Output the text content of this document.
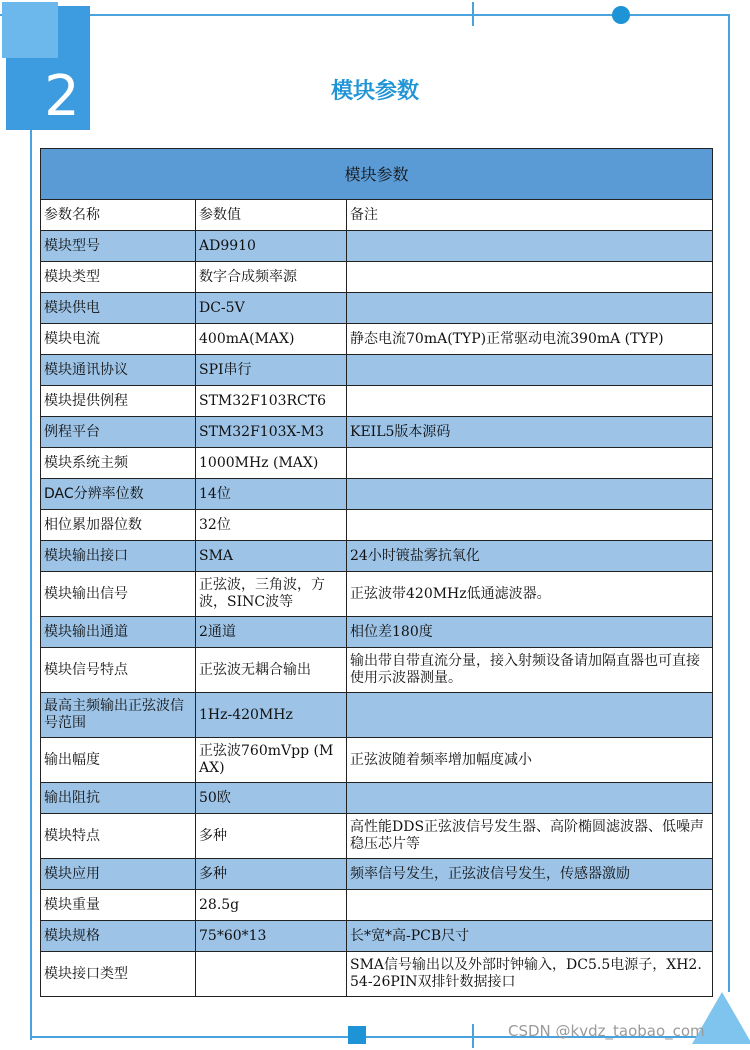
2	模块参数
模块参数		
参数名称	参数值	备注
模块型号	AD9910	
模块类型	数字合成频率源	
模块供电	DC-5V	
模块电流	400mA(MAX)	静态电流70mA(TYP)正常驱动电流390mA (TYP)
模块通讯协议	SPI串行	
模块提供例程	STM32F103RCT6	
例程平台	STM32F103X-M3	KEIL5版本源码
模块系统主频	1000MHz (MAX)	
DAC分辨率位数	14位	
相位累加器位数	32位	
模块输出接口	SMA	24小时镀盐雾抗氧化
模块输出信号	正弦波，三角波，方波，SINC波等	正弦波带420MHz低通滤波器。
模块输出通道	2通道	相位差180度
模块信号特点	正弦波无耦合输出	输出带自带直流分量，接入射频设备请加隔直器也可直接使用示波器测量。
最高主频输出正弦波信号范围	1Hz-420MHz	
输出幅度	正弦波760mVpp (MAX)	正弦波随着频率增加幅度减小
输出阻抗	50欧	
模块特点	多种	高性能DDS正弦波信号发生器、高阶椭圆滤波器、低噪声稳压芯片等
模块应用	多种	频率信号发生，正弦波信号发生，传感器激励
模块重量	28.5g	
模块规格	75*60*13	长*宽*高-PCB尺寸
模块接口类型		SMA信号输出以及外部时钟输入，DC5.5电源子，XH2.54-26PIN双排针数据接口
CSDN @kvdz_taobao_com
